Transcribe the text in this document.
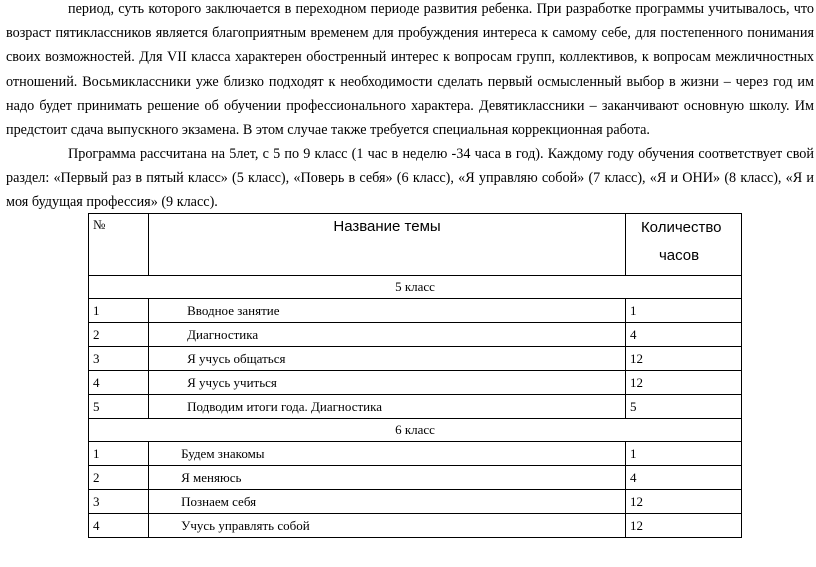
период, суть которого заключается в переходном периоде развития ребенка. При разработке программы учитывалось, что возраст пятиклассников является благоприятным временем для пробуждения интереса к самому себе, для постепенного понимания своих возможностей. Для VII класса характерен обостренный интерес к вопросам групп, коллективов, к вопросам межличностных отношений. Восьмиклассники уже близко подходят к необходимости сделать первый осмысленный выбор в жизни – через год им надо будет принимать решение об обучении профессионального характера. Девятиклассники – заканчивают основную школу. Им предстоит сдача выпускного экзамена. В этом случае также требуется специальная коррекционная работа.

Программа рассчитана на 5лет, с 5 по 9 класс (1 час в неделю -34 часа в год). Каждому году обучения соответствует свой раздел: «Первый раз в пятый класс» (5 класс), «Поверь в себя» (6 класс), «Я управляю собой» (7 класс), «Я и ОНИ» (8 класс), «Я и моя будущая профессия» (9 класс).

№	Название темы	Количество
часов

5 класс		
1	Вводное занятие	1
2	Диагностика	4
3	Я учусь общаться	12
4	Я учусь учиться	12
5	Подводим итоги года. Диагностика	5
6 класс		
1	Будем знакомы	1
2	Я меняюсь	4
3	Познаем себя	12
4	Учусь управлять собой	12
